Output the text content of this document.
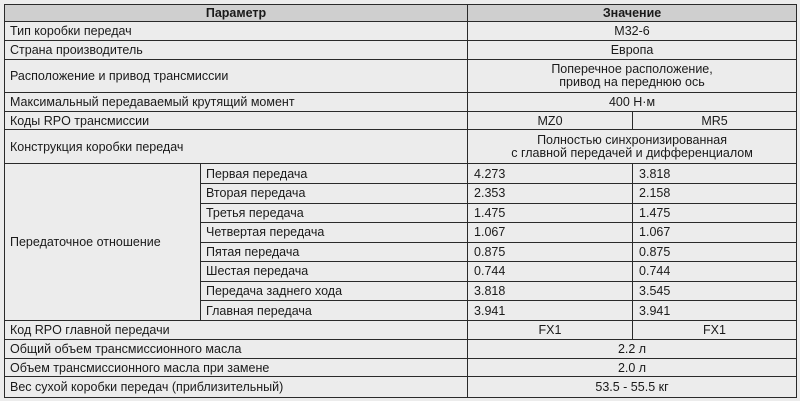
Параметр		Значение	
Тип коробки передач		M32-6	
Страна производитель		Европа	
Расположение и привод трансмиссии		Поперечное расположение,
привод на переднюю ось	

Максимальный передаваемый крутящий момент		400 Н·м	
Коды RPO трансмиссии		MZ0	MR5
Конструкция коробки передач		Полностью синхронизированная
с главной передачей и дифференциалом	

Передаточное отношение	Первая передача	4.273	3.818
	Вторая передача	2.353	2.158
	Третья передача	1.475	1.475
	Четвертая передача	1.067	1.067
	Пятая передача	0.875	0.875
	Шестая передача	0.744	0.744
	Передача заднего хода	3.818	3.545
	Главная передача	3.941	3.941
Код RPO главной передачи		FX1	FX1
Общий объем трансмиссионного масла		2.2 л	
Объем трансмиссионного масла при замене		2.0 л	
Вес сухой коробки передач (приблизительный)		53.5 - 55.5 кг	
